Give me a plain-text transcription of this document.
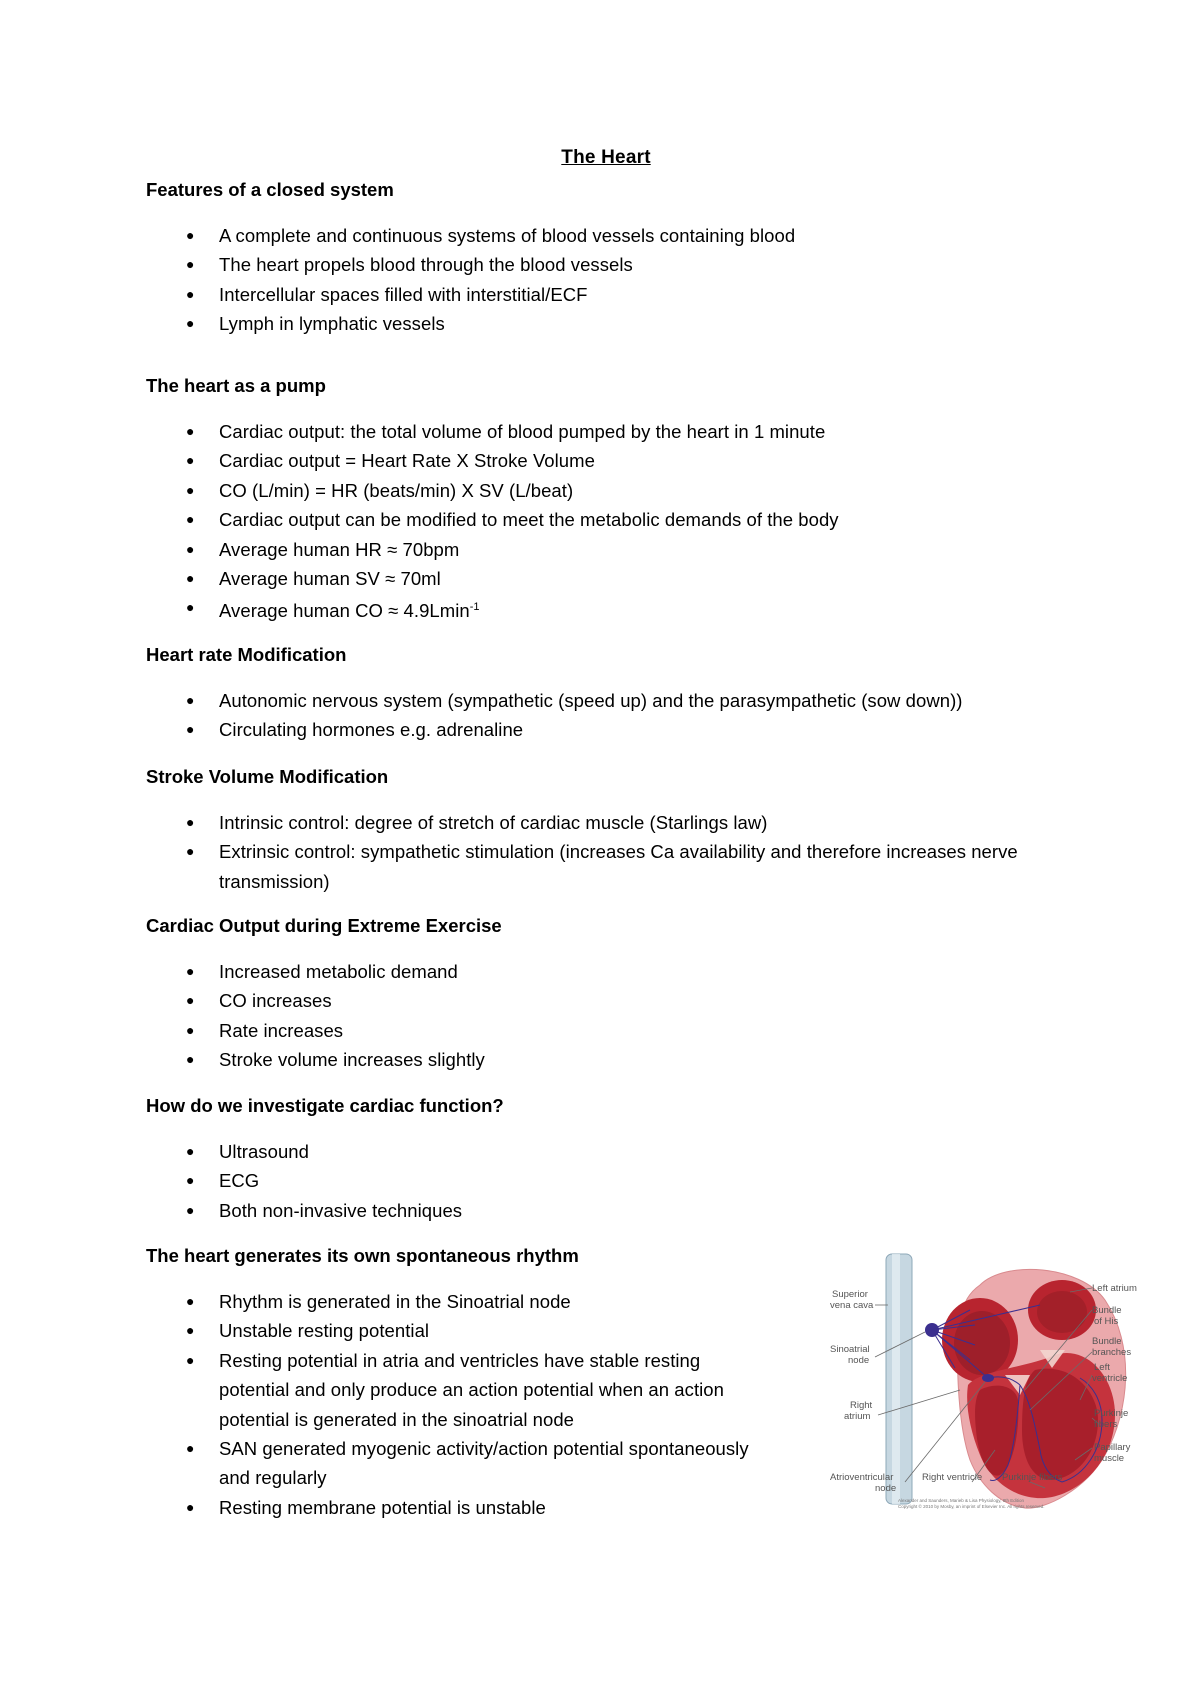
The Heart
Features of a closed system
● A complete and continuous systems of blood vessels containing blood
● The heart propels blood through the blood vessels
● Intercellular spaces filled with interstitial/ECF
● Lymph in lymphatic vessels
The heart as a pump
● Cardiac output: the total volume of blood pumped by the heart in 1 minute
● Cardiac output = Heart Rate X Stroke Volume
● CO (L/min) = HR (beats/min) X SV (L/beat)
● Cardiac output can be modified to meet the metabolic demands of the body
● Average human HR ≈ 70bpm
● Average human SV ≈ 70ml
● Average human CO ≈ 4.9Lmin$^{-1}$
Heart rate Modification
● Autonomic nervous system (sympathetic (speed up) and the parasympathetic (sow down))
● Circulating hormones e.g. adrenaline
Stroke Volume Modification
● Intrinsic control: degree of stretch of cardiac muscle (Starlings law)
● Extrinsic control: sympathetic stimulation (increases Ca availability and therefore increases nerve transmission)
Cardiac Output during Extreme Exercise
● Increased metabolic demand
● CO increases
● Rate increases
● Stroke volume increases slightly
How do we investigate cardiac function?
● Ultrasound
● ECG
● Both non-invasive techniques
The heart generates its own spontaneous rhythm
● Rhythm is generated in the Sinoatrial node
● Unstable resting potential
● Resting potential in atria and ventricles have stable resting potential and only produce an action potential when an action potential is generated in the sinoatrial node
● SAN generated myogenic activity/action potential spontaneously and regularly
● Resting membrane potential is unstable
Superior
vena cava
Sinoatrial
node
Right
atrium
Atrioventricular
node
Right ventricle Purkinje fibers
Left atrium
Bundle
of His
Bundle
branches
Left
ventricle
Purkinje
fibers
Papillary
muscle
Alexander and Saunders, Marieb & Lisa Physiology, 8th Edition
Copyright © 2010 by Mosby, an imprint of Elsevier Inc. All rights reserved.
